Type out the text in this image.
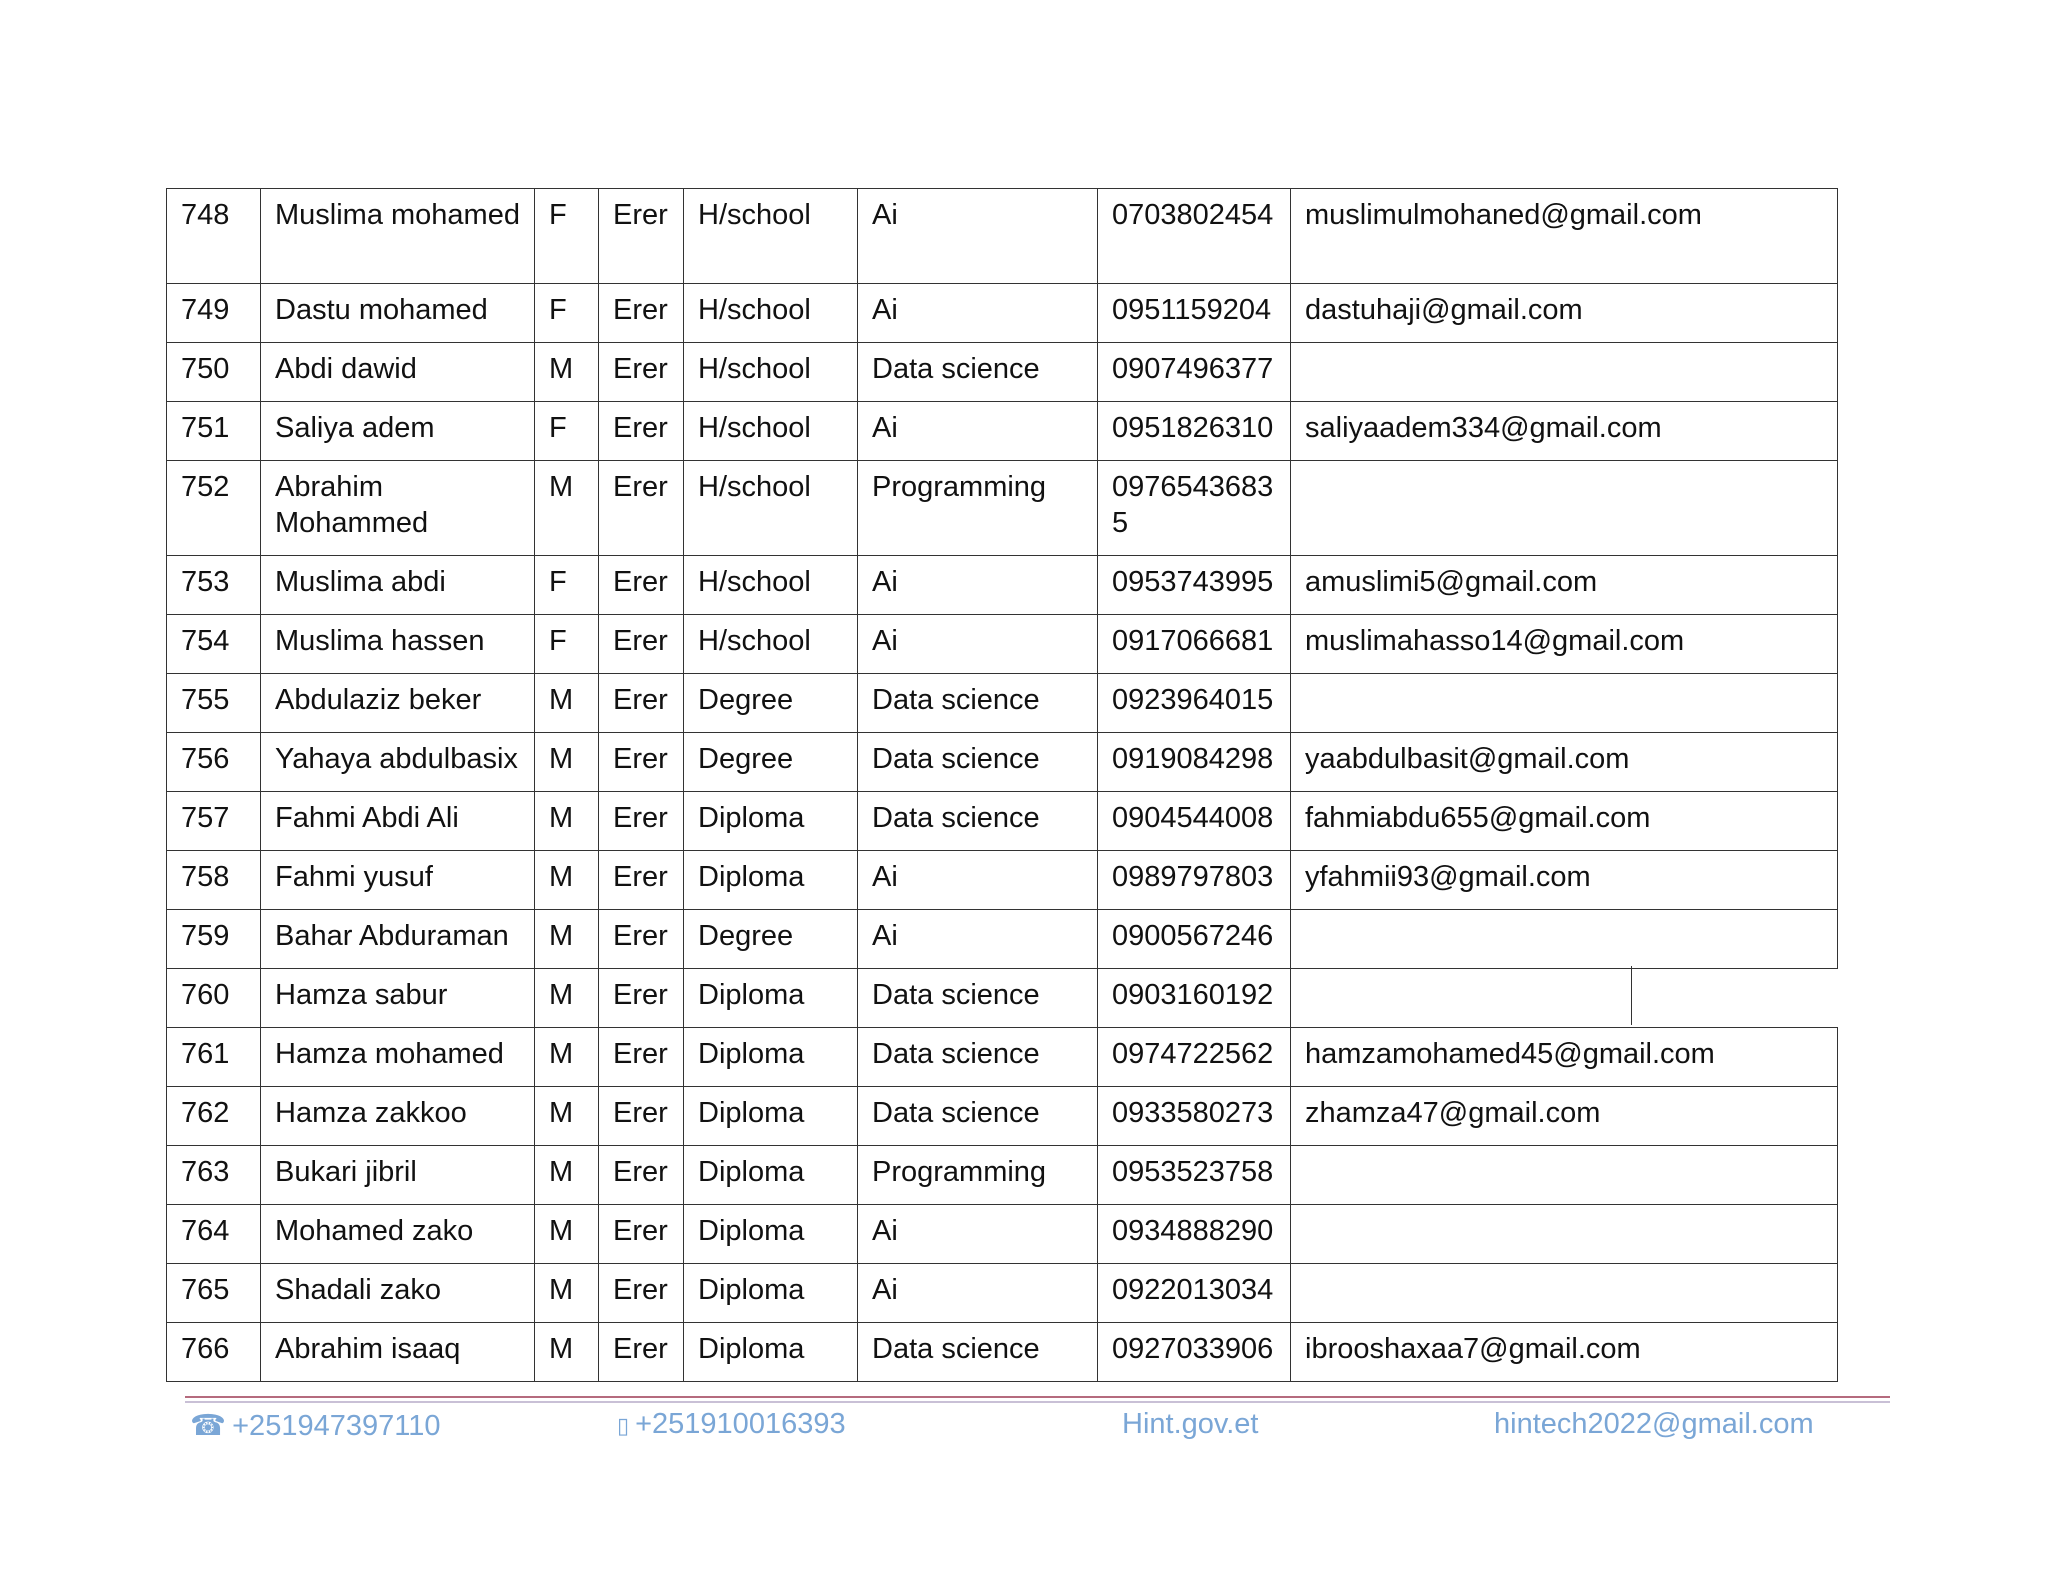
748	Muslima mohamed	F	Erer	H/school	Ai	0703802454	muslimulmohaned@gmail.com
749	Dastu mohamed	F	Erer	H/school	Ai	0951159204	dastuhaji@gmail.com
750	Abdi dawid	M	Erer	H/school	Data science	0907496377	
751	Saliya adem	F	Erer	H/school	Ai	0951826310	saliyaadem334@gmail.com
752	Abrahim Mohammed	M	Erer	H/school	Programming	09765436835	
753	Muslima abdi	F	Erer	H/school	Ai	0953743995	amuslimi5@gmail.com
754	Muslima hassen	F	Erer	H/school	Ai	0917066681	muslimahasso14@gmail.com
755	Abdulaziz beker	M	Erer	Degree	Data science	0923964015	
756	Yahaya abdulbasix	M	Erer	Degree	Data science	0919084298	yaabdulbasit@gmail.com
757	Fahmi Abdi Ali	M	Erer	Diploma	Data science	0904544008	fahmiabdu655@gmail.com
758	Fahmi yusuf	M	Erer	Diploma	Ai	0989797803	yfahmii93@gmail.com
759	Bahar Abduraman	M	Erer	Degree	Ai	0900567246	
760	Hamza sabur	M	Erer	Diploma	Data science	0903160192	
761	Hamza mohamed	M	Erer	Diploma	Data science	0974722562	hamzamohamed45@gmail.com
762	Hamza zakkoo	M	Erer	Diploma	Data science	0933580273	zhamza47@gmail.com
763	Bukari jibril	M	Erer	Diploma	Programming	0953523758	
764	Mohamed zako	M	Erer	Diploma	Ai	0934888290	
765	Shadali zako	M	Erer	Diploma	Ai	0922013034	
766	Abrahim isaaq	M	Erer	Diploma	Data science	0927033906	ibrooshaxaa7@gmail.com
☎ +251947397110	▯ +251910016393	Hint.gov.et	hintech2022@gmail.com
